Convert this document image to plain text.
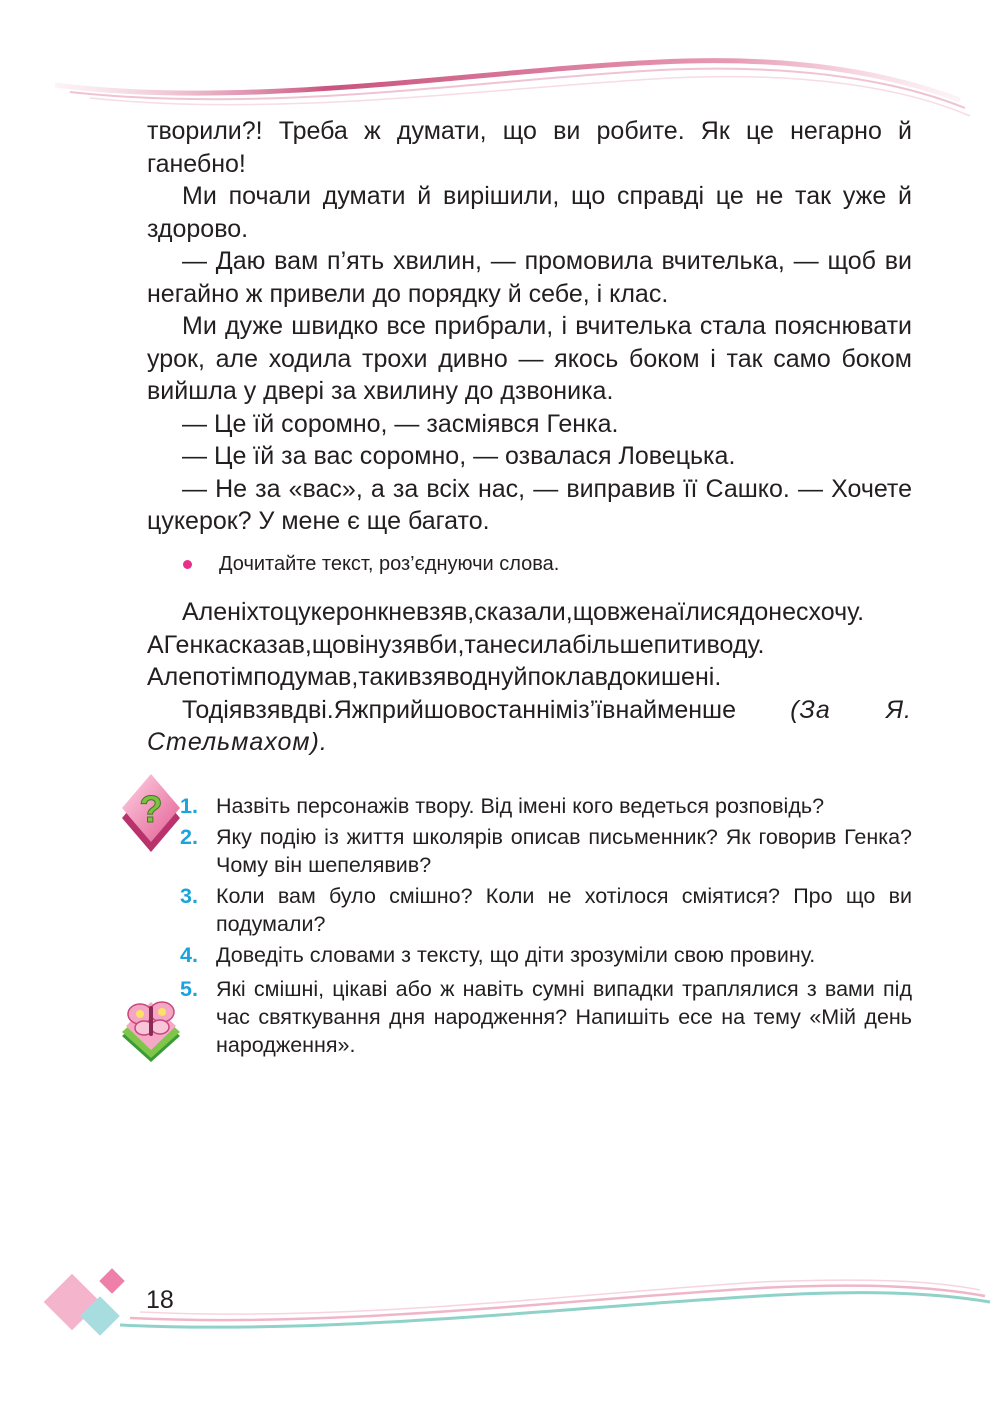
творили?! Треба ж думати, що ви робите. Як це негарно й ганебно!

Ми почали думати й вирішили, що справді це не так уже й здорово.

— Даю вам п’ять хвилин, — промовила вчителька, — щоб ви негайно ж привели до порядку й себе, і клас.

Ми дуже швидко все прибрали, і вчителька стала пояснювати урок, але ходила трохи дивно — якось боком і так само боком вийшла у двері за хвилину до дзвоника.

— Це їй соромно, — засміявся Генка.

— Це їй за вас соромно, — озвалася Ловецька.

— Не за «вас», а за всіх нас, — виправив її Сашко. — Хочете цукерок? У мене є ще багато.

Дочитайте текст, роз’єднуючи слова.

Аленіхтоцукеронкневзяв,сказали,щовженаїлисядонесхочу. АГенкасказав,щовінузявби,танесилабільшепитиводу. Алепотімподумав,такивзяводнуйпоклавдокишені.

Тодіявзявдві.Яжприйшовостанніміз’ївнайменше (За Я. Стельмахом).

? 1. Назвіть персонажів твору. Від імені кого ведеться розповідь?
2. Яку подію із життя школярів описав письменник? Як говорив Генка? Чому він шепелявив?
3. Коли вам було смішно? Коли не хотілося сміятися? Про що ви подумали?
4. Доведіть словами з тексту, що діти зрозуміли свою провину.
5. Які смішні, цікаві або ж навіть сумні випадки траплялися з вами під час святкування дня народження? Напишіть есе на тему «Мій день народження».
18
